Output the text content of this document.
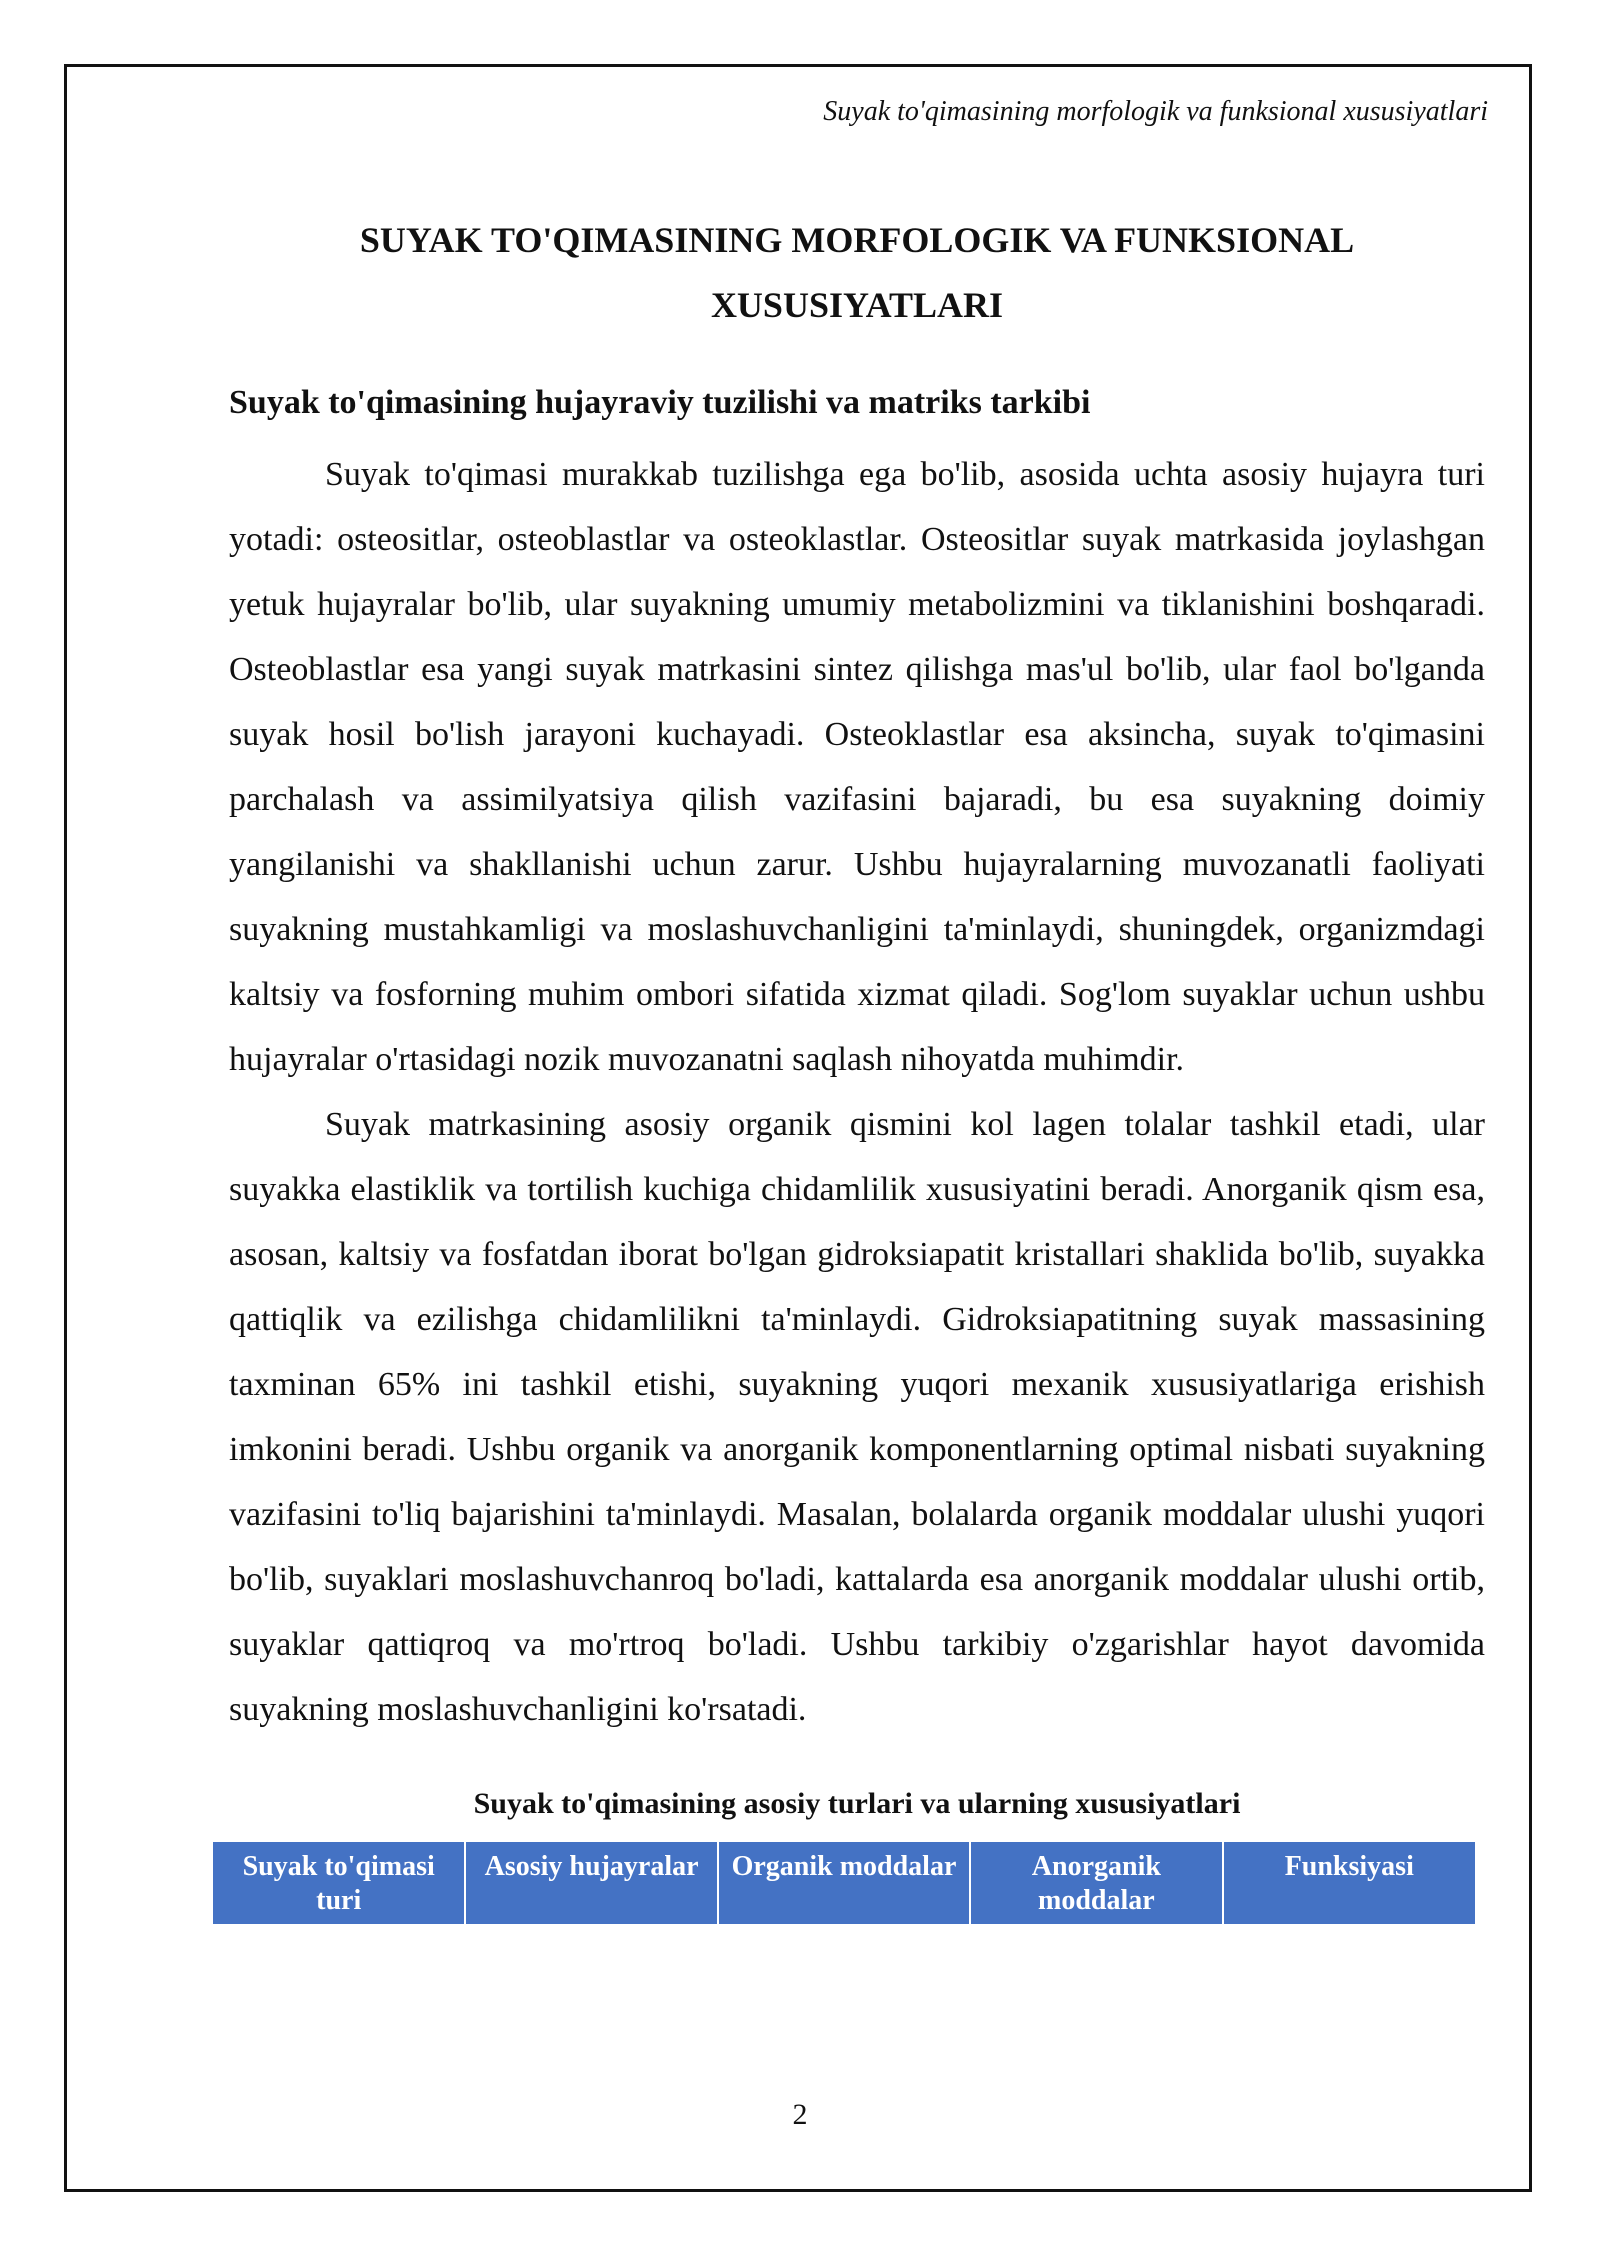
Suyak to'qimasining morfologik va funksional xususiyatlari
SUYAK TO'QIMASINING MORFOLOGIK VA FUNKSIONAL XUSUSIYATLARI
Suyak to'qimasining hujayraviy tuzilishi va matriks tarkibi

Suyak to'qimasi murakkab tuzilishga ega bo'lib, asosida uchta asosiy hujayra turi yotadi: osteositlar, osteoblastlar va osteoklastlar. Osteositlar suyak matrkasida joylashgan yetuk hujayralar bo'lib, ular suyakning umumiy metabolizmini va tiklanishini boshqaradi. Osteoblastlar esa yangi suyak matrkasini sintez qilishga mas'ul bo'lib, ular faol bo'lganda suyak hosil bo'lish jarayoni kuchayadi. Osteoklastlar esa aksincha, suyak to'qimasini parchalash va assimilyatsiya qilish vazifasini bajaradi, bu esa suyakning doimiy yangilanishi va shakllanishi uchun zarur. Ushbu hujayralarning muvozanatli faoliyati suyakning mustahkamligi va moslashuvchanligini ta'minlaydi, shuningdek, organizmdagi kaltsiy va fosforning muhim ombori sifatida xizmat qiladi. Sog'lom suyaklar uchun ushbu hujayralar o'rtasidagi nozik muvozanatni saqlash nihoyatda muhimdir.

Suyak matrkasining asosiy organik qismini kol lagen tolalar tashkil etadi, ular suyakka elastiklik va tortilish kuchiga chidamlilik xususiyatini beradi. Anorganik qism esa, asosan, kaltsiy va fosfatdan iborat bo'lgan gidroksiapatit kristallari shaklida bo'lib, suyakka qattiqlik va ezilishga chidamlilikni ta'minlaydi. Gidroksiapatitning suyak massasining taxminan 65% ini tashkil etishi, suyakning yuqori mexanik xususiyatlariga erishish imkonini beradi. Ushbu organik va anorganik komponentlarning optimal nisbati suyakning vazifasini to'liq bajarishini ta'minlaydi. Masalan, bolalarda organik moddalar ulushi yuqori bo'lib, suyaklari moslashuvchanroq bo'ladi, kattalarda esa anorganik moddalar ulushi ortib, suyaklar qattiqroq va mo'rtroq bo'ladi. Ushbu tarkibiy o'zgarishlar hayot davomida suyakning moslashuvchanligini ko'rsatadi.

Suyak to'qimasining asosiy turlari va ularning xususiyatlari
Suyak to'qimasi turi	Asosiy hujayralar	Organik moddalar	Anorganik moddalar	Funksiyasi
2
